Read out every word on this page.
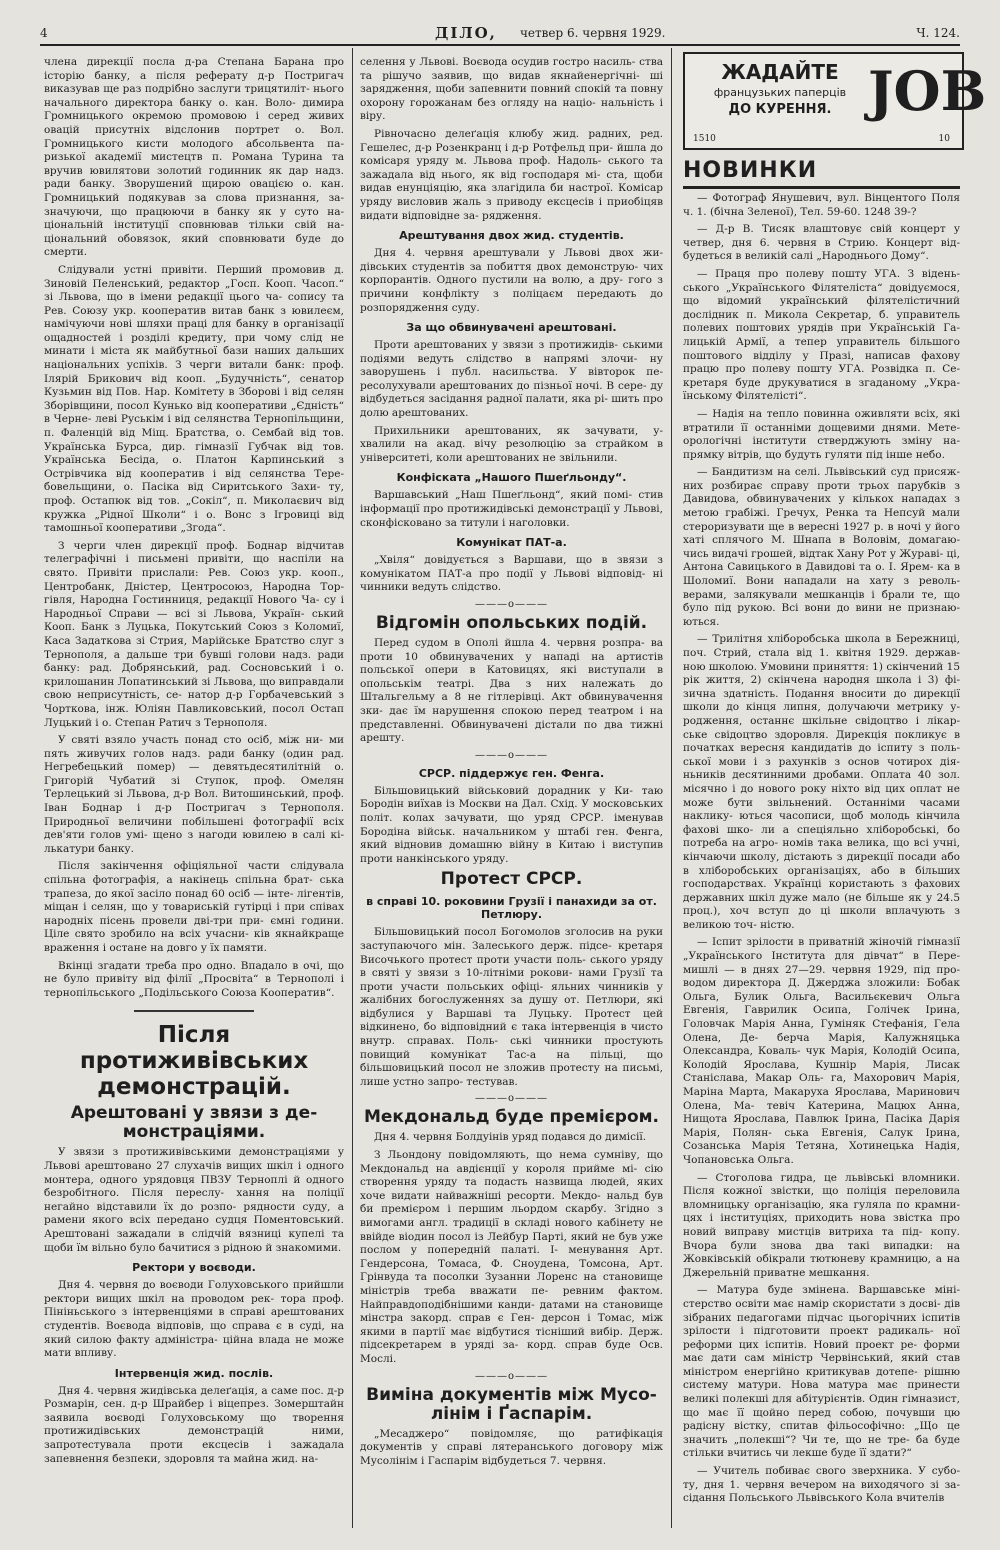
4	ДІЛО, четвер 6. червня 1929.	Ч. 124.

члена дирекції посла д-ра Степана Барана про історію банку, а після реферату д-р Постригач виказував ще раз подрібно заслуги трицятиліт- нього начального директора банку о. кан. Воло- димира Громницького окремою промовою і серед живих овацій присутніх відслонив портрет о. Вол. Громницького кисти молодого абсольвента па- ризької академії мистецтв п. Романа Турина та вручив ювилятови золотий годинник як дар надз. ради банку. Зворушений щирою овацією о. кан. Громницький подякував за слова признання, за- значуючи, що працюючи в банку як у суто на- ціональній інституції сповнював тільки свій на- ціональний обовязок, який сповнювати буде до смерти.

Слідували устні привіти. Перший промовив д. Зиновій Пеленський, редактор „Госп. Кооп. Часоп.“ зі Львова, що в імени редакції цього ча- сопису та Рев. Союзу укр. кооператив витав банк з ювилеєм, намічуючи нові шляхи праці для банку в організації ощадностей і розділі кредиту, при чому слід не минати і міста як майбутньої бази наших дальших національних успіхів. З черги витали банк: проф. Ілярій Брикович від кооп. „Будучність“, сенатор Кузьмин від Пов. Нар. Комітету в Зборові і від селян Зборівщини, посол Кунько від кооперативи „Єдність“ в Черне- леві Руськім і від селянства Тернопільщини, п. Фаленцій від Міщ. Братства, о. Сембай від тов. Українська Бурса, дир. гімназії Губчак від тов. Українська Бесіда, о. Платон Карпинський з Острівчика від кооператив і від селянства Тере- бовельщини, о. Пасіка від Сиритського Захи- ту, проф. Остапюк від тов. „Сокіл“, п. Миколаєвич від кружка „Рідної Школи“ і о. Вонс з Ігровиці від тамошньої кооперативи „Згода“.

З черги член дирекції проф. Боднар відчитав телеграфічні і письмені привіти, що наспіли на свято. Привіти прислали: Рев. Союз укр. кооп., Центробанк, Дністер, Центросоюз, Народна Тор- гівля, Народна Гостинниця, редакції Нового Ча- су і Народньої Справи — всі зі Львова, Україн- ський Кооп. Банк з Луцька, Покутський Союз з Коломиї, Каса Задаткова зі Стрия, Марійське Братство слуг з Тернополя, а дальше три бувші голови надз. ради банку: рад. Добрянський, рад. Сосновський і о. крилошанин Лопатинський зі Львова, що виправдали свою неприсутність, се- натор д-р Горбачевський з Чорткова, інж. Юліян Павликовський, посол Остап Луцький і о. Степан Ратич з Тернополя.

У святі взяло участь понад сто осіб, між ни- ми пять живучих голов надз. ради банку (один рад. Негребецький помер) — девятьдесятилітній о. Григорій Чубатий зі Ступок, проф. Омелян Терлецький зі Львова, д-р Вол. Витошинський, проф. Іван Боднар і д-р Постригач з Тернополя. Природньої величини побільшені фотографії всіх дев'яти голов умі- щено з нагоди ювилею в салі кі- лькатури банку.

Після закінчення офіціяльної части слідувала спільна фотографія, а накінець спільна брат- ська трапеза, до якої засіло понад 60 осіб — інте- лігентів, міщан і селян, що у товариській гутірці і при співах народніх пісень провели дві-три при- ємні години. Ціле свято зробило на всіх учасни- ків якнайкраще враження і остане на довго у їх памяти.

Вкінці згадати треба про одно. Впадало в очі, що не було привіту від філії „Просвіта“ в Тернополі і тернопільського „Подільського Союза Кооператив“.

Після протиживівських демонстрацій.
Арештовані у звязи з де- монстраціями.

У звязи з протиживівськими демонстраціями у Львові арештовано 27 слухачів вищих шкіл і одного монтера, одного урядовця ПВЗУ Терноплі й одного безробітного. Після переслу- хання на поліції негайно відставили їх до розпо- рядности суду, а рамени якого всіх передано судця Поментовський. Арештовані зажадали в слідчій вязниці купелі та щоби їм вільно було бачитися з рідною й знакомими.

Ректори у воєводи.

Дня 4. червня до воєводи Голуховського прийшли ректори вищих шкіл на проводом рек- тора проф. Пініньського з інтервенціями в справі арештованих студентів. Воєвода відповів, що справа є в суді, на який силою факту адміністра- ційна влада не може мати впливу.

Інтервенція жид. послів.

Дня 4. червня жидівська делеґація, а саме пос. д-р Розмарін, сен. д-р Шрайбер і віцепрез. Зомерштайн заявила воєводі Голуховському що творення протижидівських демонстрацій ними, запротестувала проти ексцесів і зажадала запевнення безпеки, здоровля та майна жид. на-

селення у Львові. Воєвода осудив гостро насиль- ства та рішучо заявив, що видав якнайенергічні- ші зарядження, щоби запевнити повний спокій та повну охорону горожанам без огляду на націо- нальність і віру.

Рівночасно делеґація клюбу жид. радних, ред. Гешелес, д-р Розенкранц і д-р Ротфельд при- йшла до комісаря уряду м. Львова проф. Надоль- ського та зажадала від нього, як від господаря мі- ста, щоби видав енунціяцію, яка злагідила би настрої. Комісар уряду висловив жаль з приводу ексцесів і приобіцяв видати відповідне за- рядження.

Арештування двох жид. студентів.

Дня 4. червня арештували у Львові двох жи- дівських студентів за побиття двох демонструю- чих корпорантів. Одного пустили на волю, а дру- гого з причини конфлікту з поліцаєм передають до розпорядження суду.

За що обвинувачені арештовані.

Проти арештованих у звязи з протижидів- ськими подіями ведуть слідство в напрямі злочи- ну заворушень і публ. насильства. У вівторок пе- ресолухували арештованих до пізньої ночі. В сере- ду відбудеться засідання радної палати, яка рі- шить про долю арештованих.

Прихильники арештованих, як зачувати, у- хвалили на акад. вічу резолюцію за страйком в університеті, коли арештованих не звільнили.

Конфіската „Нашого Пшеґльонду“.

Варшавський „Наш Пшеґльонд“, який помі- стив інформації про протижидівські демонстрації у Львові, сконфісковано за титули і наголовки.

Комунікат ПАТ-а.

„Хвіля“ довідується з Варшави, що в звязи з комунікатом ПАТ-а про події у Львові відповід- ні чинники ведуть слідство.

———o———
Відгомін опольських подій.

Перед судом в Ополі йшла 4. червня розпра- ва проти 10 обвинувачених у нападі на артистів польської опери в Катовицях, які виступали в опольськім театрі. Два з них належать до Штальгельму а 8 не гітлерівці. Акт обвинувачення зки- дає їм нарушення спокою перед театром і на представленні. Обвинувачені дістали по два тижні арешту.

———o———
СРСР. піддержує ген. Фенга.

Більшовицький військовий дорадник у Ки- таю Бородін виїхав із Москви на Дал. Схід. У московських політ. колах зачувати, що уряд СРСР. іменував Бородіна військ. начальником у штабі ген. Фенга, який відновив домашню війну в Китаю і виступив проти нанкінського уряду.

Протест СРСР.
в справі 10. роковини Грузії і панахиди за от. Петлюру.

Більшовицький посол Богомолов зголосив на руки заступаючого мін. Залеського держ. підсе- кретаря Височького протест проти участи поль- ського уряду в святі у звязи з 10-літніми рокови- нами Грузії та проти участи польських офіці- яльних чинників у жалібних богослуженнях за душу от. Петлюри, які відбулися у Варшаві та Луцьку. Протест цей відкинено, бо відповідний є така інтервенція в чисто внутр. справах. Поль- ські чинники простують повищий комунікат Тас-а на пільці, що більшовицький посол не зложив протесту на письмі, лише устно запро- тестував.

———o———
Мекдональд буде премієром.

Дня 4. червня Болдуінів уряд подався до димісії.

З Льондону повідомляють, що нема сумніву, що Мекдональд на авдієнції у короля прийме мі- сію створення уряду та подасть назвища людей, яких хоче видати найважніші ресорти. Мекдо- нальд був би премієром і першим льордом скарбу. Згідно з вимогами англ. традиції в складі нового кабінету не ввійде віодин посол із Лейбур Парті, який не був уже послом у попередній палаті. І- менування Арт. Гендерсона, Томаса, Ф. Сноудена, Томсона, Арт. Грінвуда та посолки Зузанни Лоренс на становище міністрів треба вважати пе- ревним фактом. Найправдоподібнішими канди- датами на становище мінстра закорд. справ є Ген- дерсон і Томас, між якими в партії має відбутися тісніший вибір. Держ. підсекретарем в уряді за- корд. справ буде Осв. Мослі.

———o———
Виміна документів між Мусо- лінім і Ґаспарім.

„Месаджеро“ повідомляє, що ратифікація документів у справі лятеранського договору між Мусолінім і Гаспарім відбудеться 7. червня.

ЖАДАЙТЕ
французьких паперців
ДО КУРЕННЯ. JOB
1510	10
НОВИНКИ

— Фотограф Янушевич, вул. Вінцентого Поля ч. 1. (бічна Зеленої), Тел. 59-60. 1248 39-?

— Д-р В. Тисяк влаштовує свій концерт у четвер, дня 6. червня в Стрию. Концерт від- будеться в великій салі „Народнього Дому“.

— Праця про полеву пошту УГА. З відень- ського „Українського Філятеліста“ довідуємося, що відомий український філятелістичний дослідник п. Микола Секретар, б. управитель полевих поштових урядів при Українській Га- лицькій Армії, а тепер управитель більшого поштового відділу у Празі, написав фахову працю про полеву пошту УГА. Розвідка п. Се- кретаря буде друкуватися в згаданому „Укра- їнському Філятелісті“.

— Надія на тепло повинна оживляти всіх, які втратили її останніми дощевими днями. Мете- орологічні інститути стверджують зміну на- прямку вітрів, що будуть гуляти під інше небо.

— Бандитизм на селі. Львівський суд присяж- них розбирає справу проти трьох парубків з Давидова, обвинувачених у кількох нападах з метою грабіжі. Гречух, Ренка та Непсуй мали стероризувати ще в вересні 1927 р. в ночі у його хаті сплячого М. Шнапа в Воловім, домагаю- чись видачі грошей, відтак Хану Рот у Жураві- ці, Антона Савицького в Давидові та о. І. Ярем- ка в Шоломиї. Вони нападали на хату з револь- верами, залякували мешканців і брали те, що було під рукою. Всі вони до вини не признаю- ються.

— Трилітня хліборобська школа в Бережниці, поч. Стрий, стала від 1. квітня 1929. держав- ною школою. Умовини приняття: 1) скінчений 15 рік життя, 2) скінчена народня школа і 3) фі- зична здатність. Подання вносити до дирекції школи до кінця липня, долучаючи метрику у- родження, останнє шкільне свідоцтво і лікар- ське свідоцтво здоровля. Дирекція покликує в початках вересня кандидатів до іспиту з поль- ської мови і з рахунків з основ чотирох дія- ньників десятинними дробами. Оплата 40 зол. місячно і до нового року ніхто від цих оплат не може бути звільнений. Останніми часами наклику- ються часописи, щоб молодь кінчила фахові шко- ли а спеціяльно хліборобські, бо потреба на агро- номів така велика, що всі учні, кінчаючи школу, дістають з дирекції посади або в хліборобських організаціях, або в більших господарствах. Українці користають з фахових державних шкіл дуже мало (не більше як у 24.5 проц.), хоч вступ до ці школи вплачують з великою точ- ністю.

— Іспит зрілости в приватній жіночій гімназії „Українського Інститута для дівчат“ в Пере- мишлі — в днях 27—29. червня 1929, під про- водом директора Д. Джерджа зложили: Бобак Ольга, Булик Ольга, Васильєкевич Ольга Евгенія, Гаврилик Осипа, Голічек Ірина, Головчак Марія Анна, Гуміняк Стефанія, Гела Олена, Де- берча Марія, Калужняцька Олександра, Коваль- чук Марія, Колодій Осипа, Колодій Ярослава, Кушнір Марія, Лисак Станіслава, Макар Оль- га, Махорович Марія, Маріна Марта, Макаруха Ярослава, Маринович Олена, Ма- тевіч Катерина, Мацюх Анна, Нищота Ярослава, Павлюк Ірина, Пасіка Дарія Марія, Полян- ська Евгенія, Салук Ірина, Созанська Марія Тетяна, Хотинецька Надія, Чопановська Ольга.

— Стоголова гидра, це львівські вломники. Після кожної звістки, що поліція переловила вломницьку організацію, яка гуляла по крамни- цях і інституціях, приходить нова звістка про новий виправу мистців витриха та під- копу. Вчора були знова два такі випадки: на Жовківській обікрали тютюневу крамницю, а на Джерельній приватне мешкання.

— Матура буде змінена. Варшавське міні- стерство освіти має намір скористати з досві- дів зібраних педагогами підчас цьогорічних іспитів зрілости і підготовити проект радикаль- ної реформи цих іспитів. Новий проект ре- форми має дати сам міністр Червінський, який став міністром енергійно критикував дотепе- рішню систему матури. Нова матура має принести великі полекші для абітурієнтів. Один гімназист, що має її щойно перед собою, почувши цю радісну вістку, спитав фільософічно: „Що це значить „полекші“? Чи те, що не тре- ба буде стільки вчитись чи лекше буде її здати?“

— Учитель побиває свого зверхника. У субо- ту, дня 1. червня вечером на виходячого зі за- сідання Польського Львівського Кола вчителів
